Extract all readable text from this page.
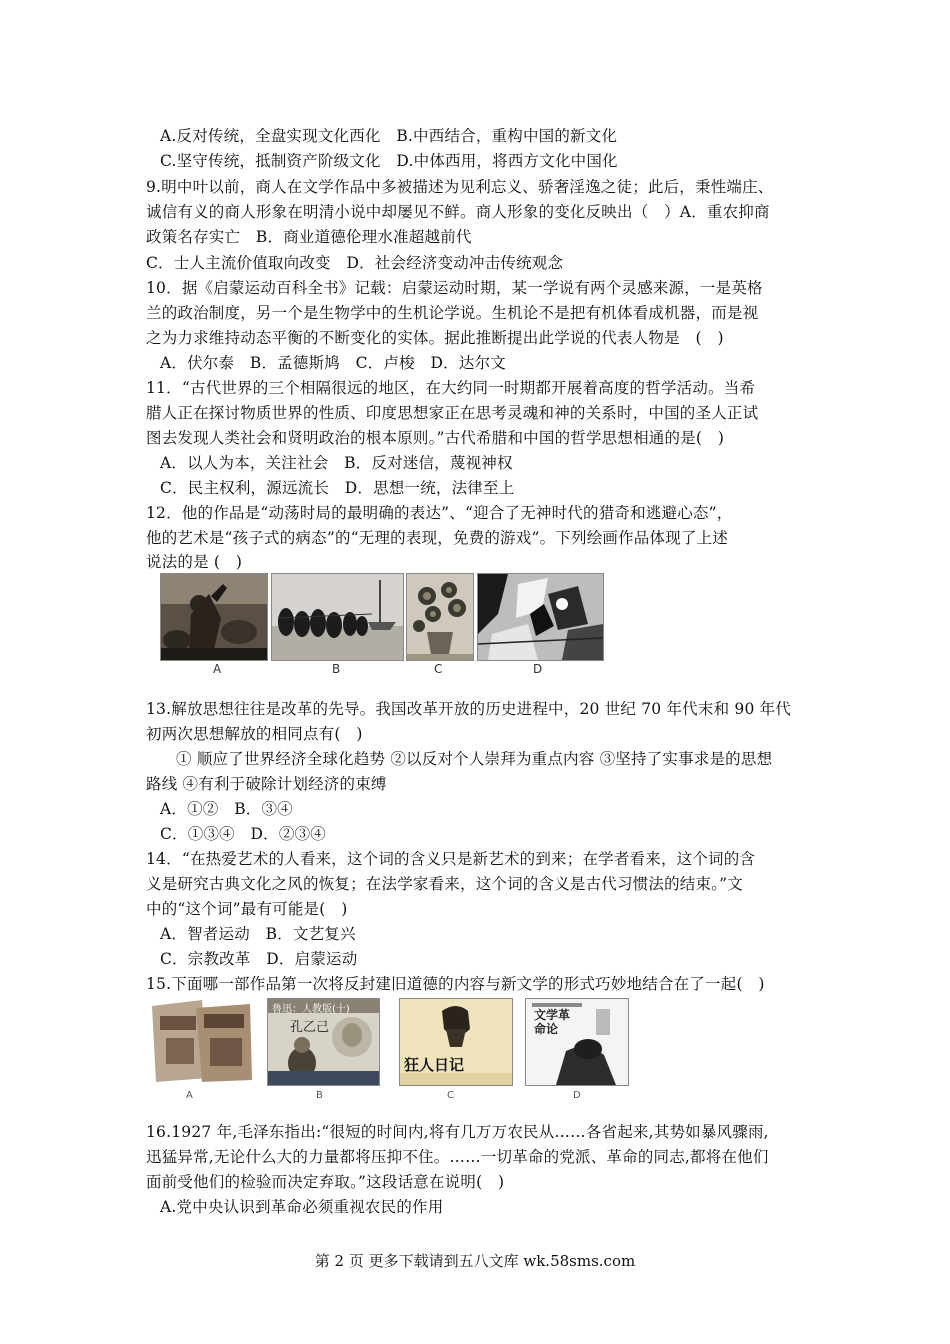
A.反对传统，全盘实现文化西化　B.中西结合，重构中国的新文化
C.坚守传统，抵制资产阶级文化　D.中体西用，将西方文化中国化
9.明中叶以前，商人在文学作品中多被描述为见利忘义、骄奢淫逸之徒；此后，秉性端庄、
诚信有义的商人形象在明清小说中却屡见不鲜。商人形象的变化反映出（　）A．重农抑商
政策名存实亡　B．商业道德伦理水准超越前代
C．士人主流价值取向改变　D．社会经济变动冲击传统观念
10．据《启蒙运动百科全书》记载：启蒙运动时期，某一学说有两个灵感来源，一是英格
兰的政治制度，另一个是生物学中的生机论学说。生机论不是把有机体看成机器，而是视
之为力求维持动态平衡的不断变化的实体。据此推断提出此学说的代表人物是　(　)
A．伏尔泰　B．孟德斯鸠　C．卢梭　D．达尔文
11．“古代世界的三个相隔很远的地区，在大约同一时期都开展着高度的哲学活动。当希
腊人正在探讨物质世界的性质、印度思想家正在思考灵魂和神的关系时，中国的圣人正试
图去发现人类社会和贤明政治的根本原则。”古代希腊和中国的哲学思想相通的是(　)
A．以人为本，关注社会　B．反对迷信，蔑视神权
C．民主权利，源远流长　D．思想一统，法律至上
12．他的作品是“动荡时局的最明确的表达”、“迎合了无神时代的猎奇和逃避心态”，
他的艺术是“孩子式的病态”的“无理的表现，免费的游戏”。下列绘画作品体现了上述
说法的是 (　)
A	B	C	D
13.解放思想往往是改革的先导。我国改革开放的历史进程中，20 世纪 70 年代末和 90 年代
初两次思想解放的相同点有(　)
① 顺应了世界经济全球化趋势 ②以反对个人崇拜为重点内容 ③坚持了实事求是的思想
路线 ④有利于破除计划经济的束缚
A．①②　B．③④
C．①③④　D．②③④
14．“在热爱艺术的人看来，这个词的含义只是新艺术的到来；在学者看来，这个词的含
义是研究古典文化之风的恢复；在法学家看来，这个词的含义是古代习惯法的结束。”文
中的“这个词”最有可能是(　)
A．智者运动　B．文艺复兴
C．宗教改革　D．启蒙运动
15.下面哪一部作品第一次将反封建旧道德的内容与新文学的形式巧妙地结合在了一起(　)
鲁迅：人教版(十)
孔乙己
狂人日记
文学革命论
A	B	C	D
16.1927 年,毛泽东指出:“很短的时间内,将有几万万农民从……各省起来,其势如暴风骤雨,
迅猛异常,无论什么大的力量都将压抑不住。……一切革命的党派、革命的同志,都将在他们
面前受他们的检验而决定弃取。”这段话意在说明(　)
A.党中央认识到革命必须重视农民的作用
第 2 页 更多下载请到五八文库 wk.58sms.com
